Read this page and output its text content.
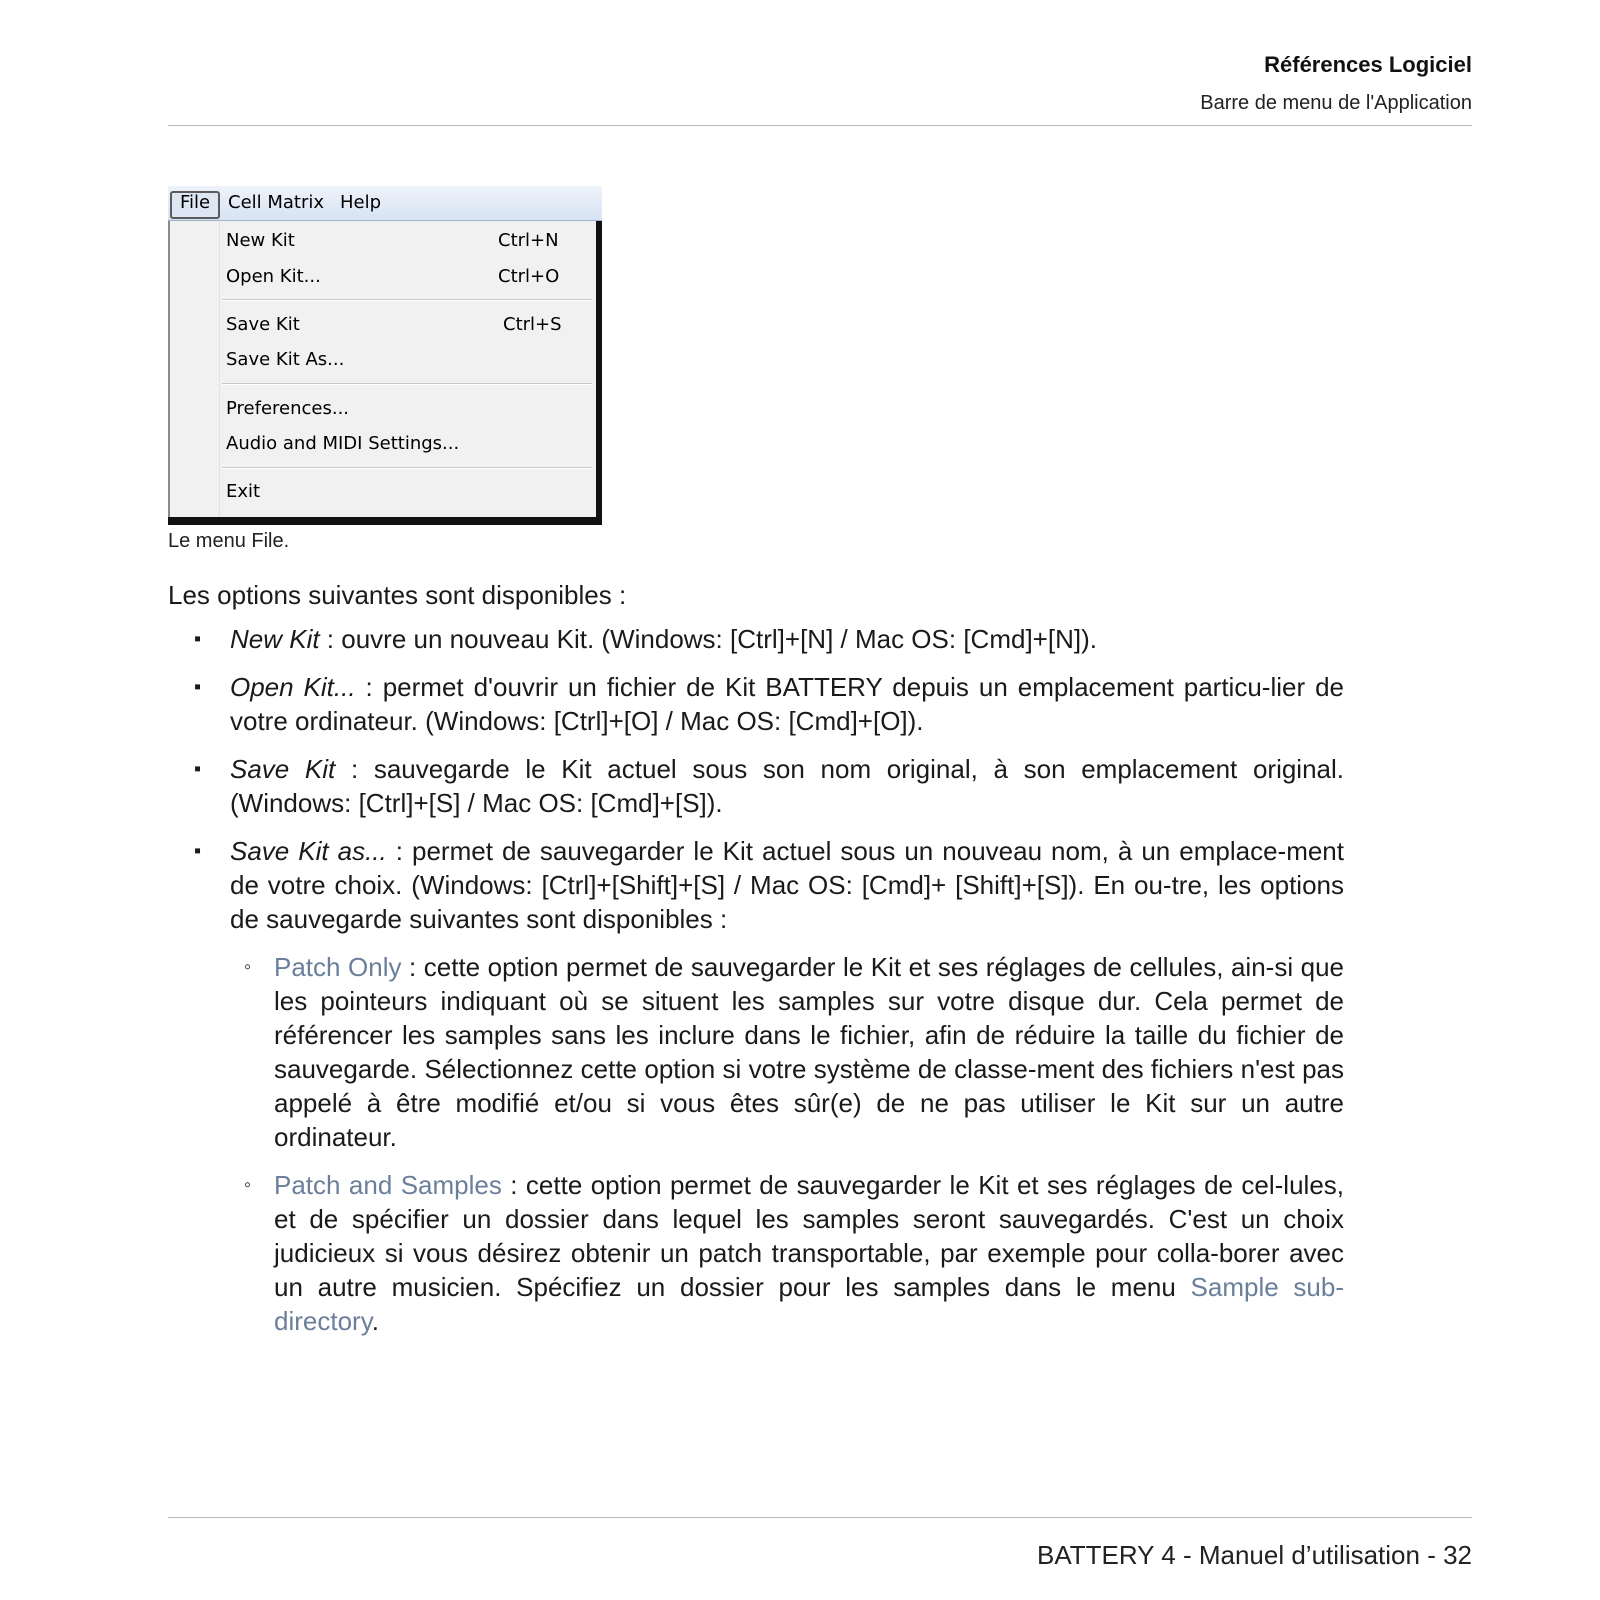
Références Logiciel
Barre de menu de l'Application
File Cell Matrix Help
New Kit	Ctrl+N
Open Kit...	Ctrl+O
Save Kit	Ctrl+S
Save Kit As...
Preferences...
Audio and MIDI Settings...
Exit
Le menu File.
Les options suivantes sont disponibles :
▪ New Kit : ouvre un nouveau Kit. (Windows: [Ctrl]+[N] / Mac OS: [Cmd]+[N]).
▪ Open Kit... : permet d'ouvrir un fichier de Kit BATTERY depuis un emplacement particu-lier de votre ordinateur. (Windows: [Ctrl]+[O] / Mac OS: [Cmd]+[O]).
▪ Save Kit : sauvegarde le Kit actuel sous son nom original, à son emplacement original. (Windows: [Ctrl]+[S] / Mac OS: [Cmd]+[S]).
▪ Save Kit as... : permet de sauvegarder le Kit actuel sous un nouveau nom, à un emplace-ment de votre choix. (Windows: [Ctrl]+[Shift]+[S] / Mac OS: [Cmd]+ [Shift]+[S]). En ou-tre, les options de sauvegarde suivantes sont disponibles :
◦ Patch Only : cette option permet de sauvegarder le Kit et ses réglages de cellules, ain-si que les pointeurs indiquant où se situent les samples sur votre disque dur. Cela permet de référencer les samples sans les inclure dans le fichier, afin de réduire la taille du fichier de sauvegarde. Sélectionnez cette option si votre système de classe-ment des fichiers n'est pas appelé à être modifié et/ou si vous êtes sûr(e) de ne pas utiliser le Kit sur un autre ordinateur.
◦ Patch and Samples : cette option permet de sauvegarder le Kit et ses réglages de cel-lules, et de spécifier un dossier dans lequel les samples seront sauvegardés. C'est un choix judicieux si vous désirez obtenir un patch transportable, par exemple pour colla-borer avec un autre musicien. Spécifiez un dossier pour les samples dans le menu Sample sub-directory.
BATTERY 4 - Manuel d’utilisation - 32
